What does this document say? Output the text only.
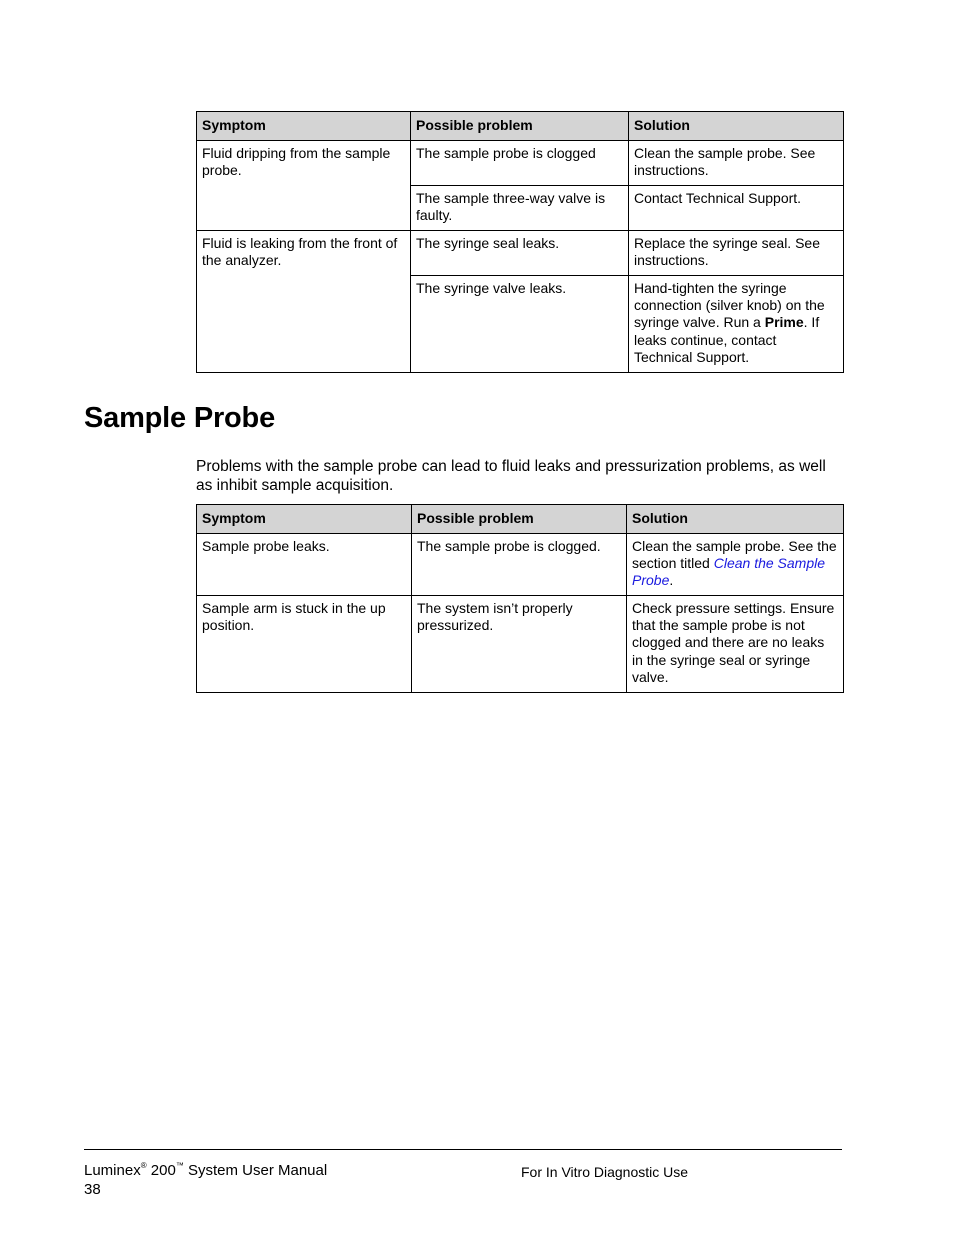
Symptom	Possible problem	Solution
Fluid dripping from the sample probe.	The sample probe is clogged	Clean the sample probe. See instructions.
	The sample three-way valve is faulty.	Contact Technical Support.
Fluid is leaking from the front of the analyzer.	The syringe seal leaks.	Replace the syringe seal. See instructions.
	The syringe valve leaks.	Hand-tighten the syringe connection (silver knob) on the syringe valve. Run a Prime. If leaks continue, contact Technical Support.
Sample Probe

Problems with the sample probe can lead to fluid leaks and pressurization problems, as well as inhibit sample acquisition.

Symptom	Possible problem	Solution
Sample probe leaks.	The sample probe is clogged.	Clean the sample probe. See the section titled Clean the Sample Probe.
Sample arm is stuck in the up position.	The system isn’t properly pressurized.	Check pressure settings. Ensure that the sample probe is not clogged and there are no leaks in the syringe seal or syringe valve.
Luminex® 200™ System User Manual
38
For In Vitro Diagnostic Use
